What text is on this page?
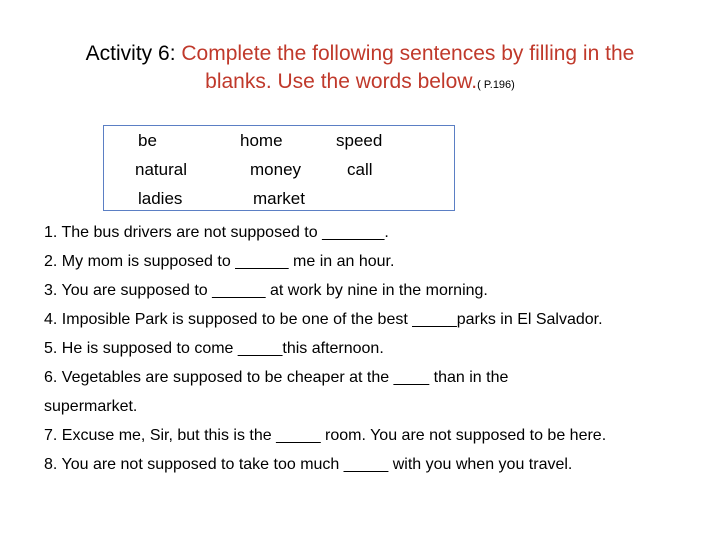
Activity 6: Complete the following sentences by filling in the
blanks. Use the words below.( P.196)
be	home	speed
natural	money	call
ladies	market
1. The bus drivers are not supposed to _______.
2. My mom is supposed to ______ me in an hour.
3. You are supposed to ______ at work by nine in the morning.
4. Imposible Park is supposed to be one of the best _____parks in El Salvador.
5. He is supposed to come _____this afternoon.
6. Vegetables are supposed to be cheaper at the ____ than in the
supermarket.
7. Excuse me, Sir, but this is the _____ room. You are not supposed to be here.
8. You are not supposed to take too much _____ with you when you travel.
